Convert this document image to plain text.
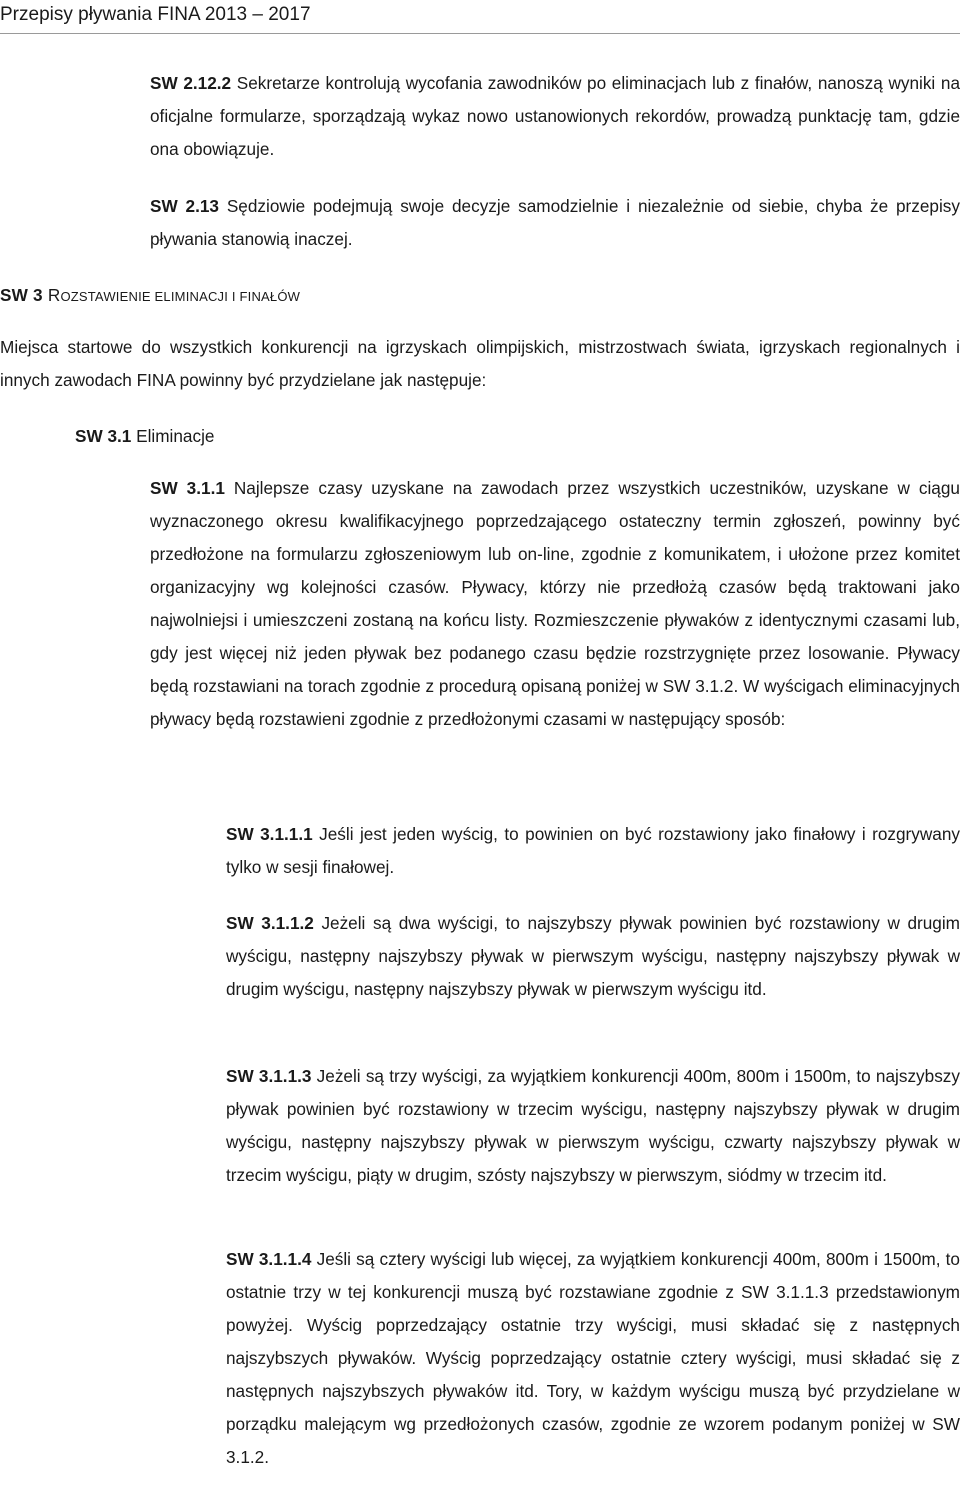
Przepisy pływania FINA 2013 – 2017

SW 2.12.2 Sekretarze kontrolują wycofania zawodników po eliminacjach lub z finałów, nanoszą wyniki na oficjalne formularze, sporządzają wykaz nowo ustanowionych rekordów, prowadzą punktację tam, gdzie ona obowiązuje.

SW 2.13 Sędziowie podejmują swoje decyzje samodzielnie i niezależnie od siebie, chyba że przepisy pływania stanowią inaczej.

SW 3 ROZSTAWIENIE ELIMINACJI I FINAŁÓW

Miejsca startowe do wszystkich konkurencji na igrzyskach olimpijskich, mistrzostwach świata, igrzyskach regionalnych i innych zawodach FINA powinny być przydzielane jak następuje:

SW 3.1 Eliminacje

SW 3.1.1 Najlepsze czasy uzyskane na zawodach przez wszystkich uczestników, uzyskane w ciągu wyznaczonego okresu kwalifikacyjnego poprzedzającego ostateczny termin zgłoszeń, powinny być przedłożone na formularzu zgłoszeniowym lub on-line, zgodnie z komunikatem, i ułożone przez komitet organizacyjny wg kolejności czasów. Pływacy, którzy nie przedłożą czasów będą traktowani jako najwolniejsi i umieszczeni zostaną na końcu listy. Rozmieszczenie pływaków z identycznymi czasami lub, gdy jest więcej niż jeden pływak bez podanego czasu będzie rozstrzygnięte przez losowanie. Pływacy będą rozstawiani na torach zgodnie z procedurą opisaną poniżej w SW 3.1.2. W wyścigach eliminacyjnych pływacy będą rozstawieni zgodnie z przedłożonymi czasami w następujący sposób:

SW 3.1.1.1 Jeśli jest jeden wyścig, to powinien on być rozstawiony jako finałowy i rozgrywany tylko w sesji finałowej.

SW 3.1.1.2 Jeżeli są dwa wyścigi, to najszybszy pływak powinien być rozstawiony w drugim wyścigu, następny najszybszy pływak w pierwszym wyścigu, następny najszybszy pływak w drugim wyścigu, następny najszybszy pływak w pierwszym wyścigu itd.

SW 3.1.1.3 Jeżeli są trzy wyścigi, za wyjątkiem konkurencji 400m, 800m i 1500m, to najszybszy pływak powinien być rozstawiony w trzecim wyścigu, następny najszybszy pływak w drugim wyścigu, następny najszybszy pływak w pierwszym wyścigu, czwarty najszybszy pływak w trzecim wyścigu, piąty w drugim, szósty najszybszy w pierwszym, siódmy w trzecim itd.

SW 3.1.1.4 Jeśli są cztery wyścigi lub więcej, za wyjątkiem konkurencji 400m, 800m i 1500m, to ostatnie trzy w tej konkurencji muszą być rozstawiane zgodnie z SW 3.1.1.3 przedstawionym powyżej. Wyścig poprzedzający ostatnie trzy wyścigi, musi składać się z następnych najszybszych pływaków. Wyścig poprzedzający ostatnie cztery wyścigi, musi składać się z następnych najszybszych pływaków itd. Tory, w każdym wyścigu muszą być przydzielane w porządku malejącym wg przedłożonych czasów, zgodnie ze wzorem podanym poniżej w SW 3.1.2.
